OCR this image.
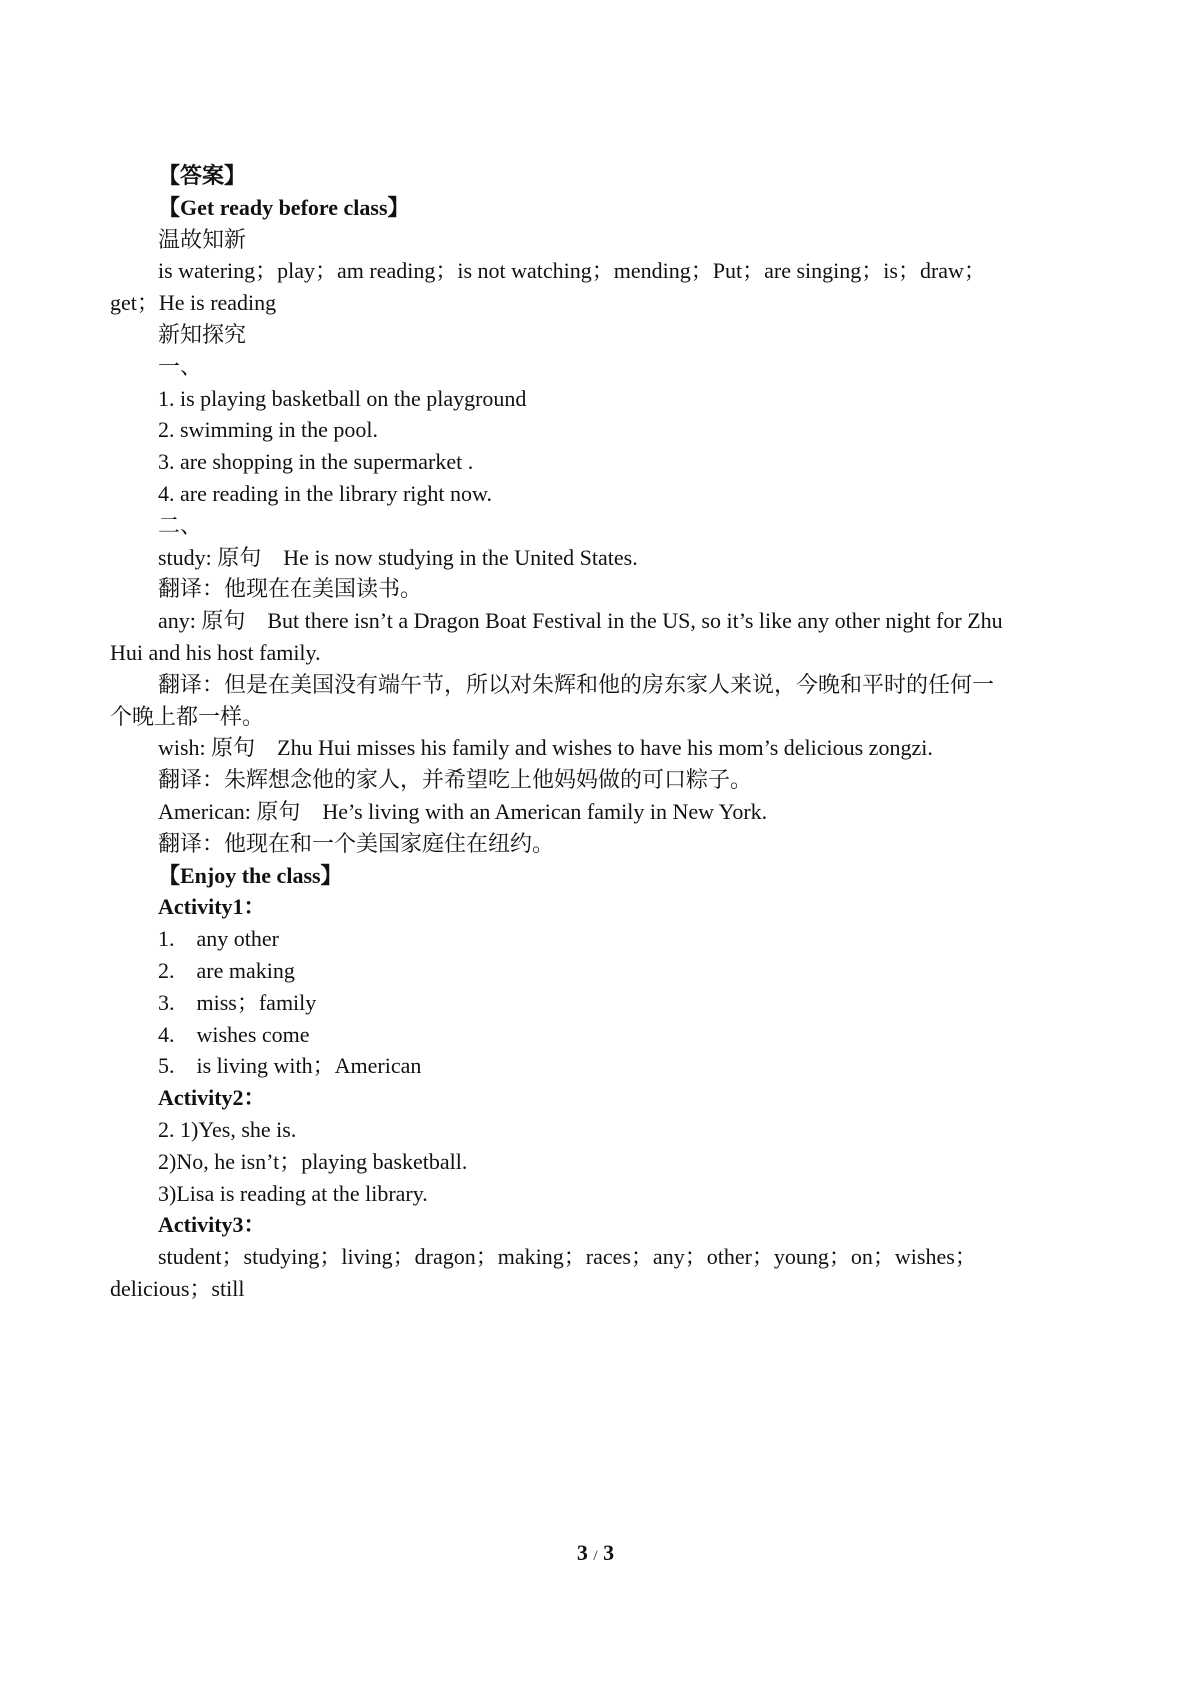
【答案】
【Get ready before class】
温故知新
is watering；play；am reading；is not watching；mending；Put；are singing；is；draw；
get；He is reading
新知探究
一、
1. is playing basketball on the playground
2. swimming in the pool.
3. are shopping in the supermarket .
4. are reading in the library right now.
二、
study: 原句　He is now studying in the United States.
翻译：他现在在美国读书。
any: 原句　But there isn’t a Dragon Boat Festival in the US, so it’s like any other night for Zhu
Hui and his host family.
翻译：但是在美国没有端午节，所以对朱辉和他的房东家人来说，今晚和平时的任何一
个晚上都一样。
wish: 原句　Zhu Hui misses his family and wishes to have his mom’s delicious zongzi.
翻译：朱辉想念他的家人，并希望吃上他妈妈做的可口粽子。
American: 原句　He’s living with an American family in New York.
翻译：他现在和一个美国家庭住在纽约。
【Enjoy the class】
Activity1：
1.　any other
2.　are making
3.　miss；family
4.　wishes come
5.　is living with；American
Activity2：
2. 1)Yes, she is.
2)No, he isn’t；playing basketball.
3)Lisa is reading at the library.
Activity3：
student；studying；living；dragon；making；races；any；other；young；on；wishes；
delicious；still
3 / 3
